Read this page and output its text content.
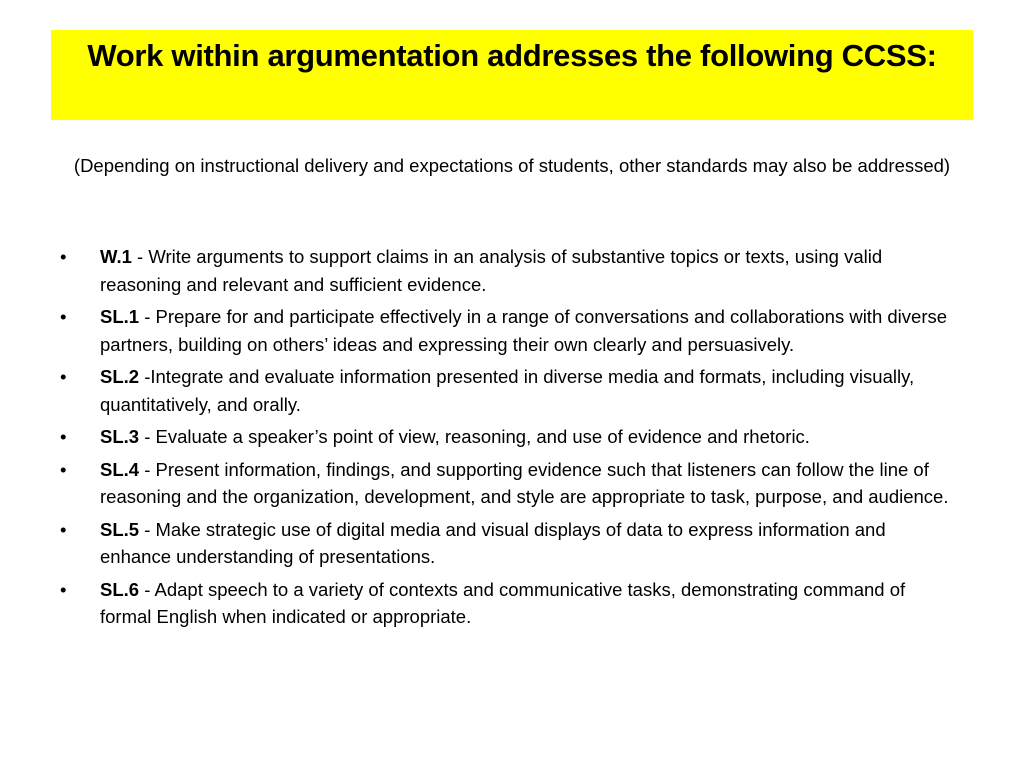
Work within argumentation addresses the following CCSS:
(Depending on instructional delivery and expectations of students, other standards may also be addressed)
•	W.1 - Write arguments to support claims in an analysis of substantive topics or texts, using valid reasoning and relevant and sufficient evidence.
•	SL.1 - Prepare for and participate effectively in a range of conversations and collaborations with diverse partners, building on others’ ideas and expressing their own clearly and persuasively.
•	SL.2 -Integrate and evaluate information presented in diverse media and formats, including visually, quantitatively, and orally.
•	SL.3 - Evaluate a speaker’s point of view, reasoning, and use of evidence and rhetoric.
•	SL.4 - Present information, findings, and supporting evidence such that listeners can follow the line of reasoning and the organization, development, and style are appropriate to task, purpose, and audience.
•	SL.5 - Make strategic use of digital media and visual displays of data to express information and enhance understanding of presentations.
•	SL.6 - Adapt speech to a variety of contexts and communicative tasks, demonstrating command of formal English when indicated or appropriate.
